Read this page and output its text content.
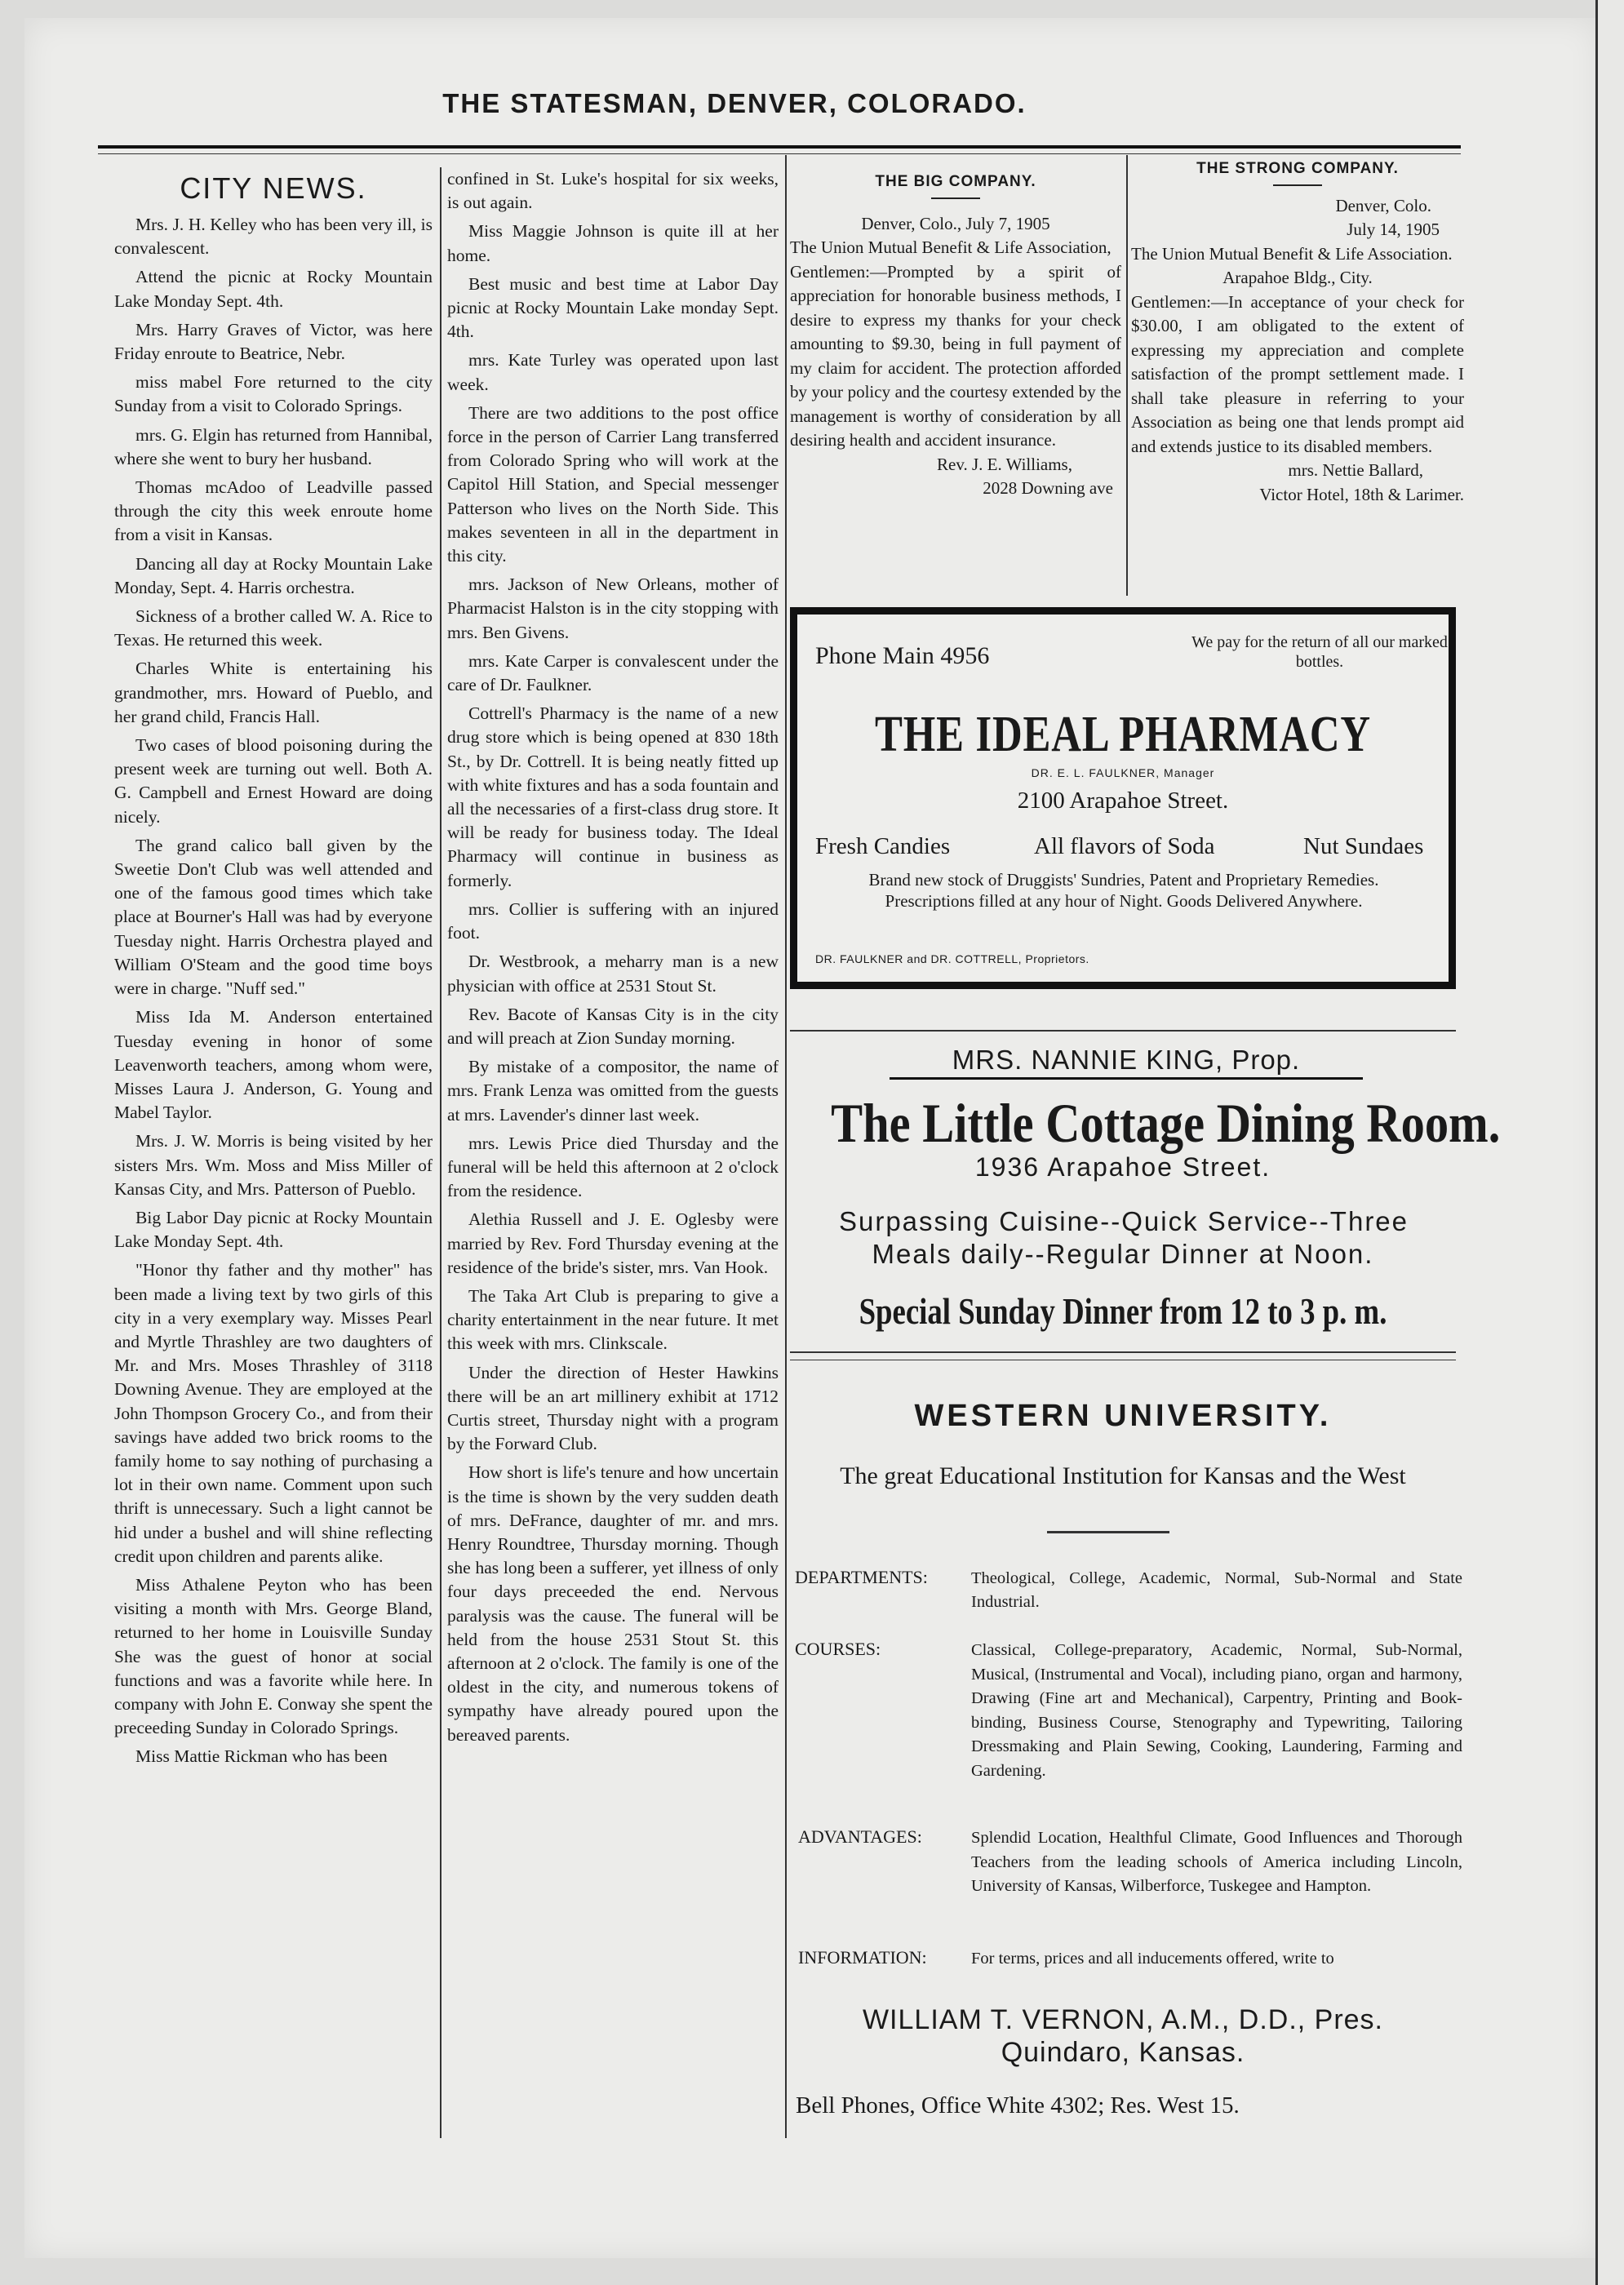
THE STATESMAN, DENVER, COLORADO.
CITY NEWS.

Mrs. J. H. Kelley who has been very ill, is convalescent.

Attend the picnic at Rocky Mountain Lake Monday Sept. 4th.

Mrs. Harry Graves of Victor, was here Friday enroute to Beatrice, Nebr.

miss mabel Fore returned to the city Sunday from a visit to Colorado Springs.

mrs. G. Elgin has returned from Hannibal, where she went to bury her husband.

Thomas mcAdoo of Leadville passed through the city this week enroute home from a visit in Kansas.

Dancing all day at Rocky Mountain Lake Monday, Sept. 4. Harris orchestra.

Sickness of a brother called W. A. Rice to Texas. He returned this week.

Charles White is entertaining his grandmother, mrs. Howard of Pueblo, and her grand child, Francis Hall.

Two cases of blood poisoning during the present week are turning out well. Both A. G. Campbell and Ernest Howard are doing nicely.

The grand calico ball given by the Sweetie Don't Club was well attended and one of the famous good times which take place at Bourner's Hall was had by everyone Tuesday night. Harris Orchestra played and William O'Steam and the good time boys were in charge. "Nuff sed."

Miss Ida M. Anderson entertained Tuesday evening in honor of some Leavenworth teachers, among whom were, Misses Laura J. Anderson, G. Young and Mabel Taylor.

Mrs. J. W. Morris is being visited by her sisters Mrs. Wm. Moss and Miss Miller of Kansas City, and Mrs. Patterson of Pueblo.

Big Labor Day picnic at Rocky Mountain Lake Monday Sept. 4th.

"Honor thy father and thy mother" has been made a living text by two girls of this city in a very exemplary way. Misses Pearl and Myrtle Thrashley are two daughters of Mr. and Mrs. Moses Thrashley of 3118 Downing Avenue. They are employed at the John Thompson Grocery Co., and from their savings have added two brick rooms to the family home to say nothing of purchasing a lot in their own name. Comment upon such thrift is unnecessary. Such a light cannot be hid under a bushel and will shine reflecting credit upon children and parents alike.

Miss Athalene Peyton who has been visiting a month with Mrs. George Bland, returned to her home in Louisville Sunday She was the guest of honor at social functions and was a favorite while here. In company with John E. Conway she spent the preceeding Sunday in Colorado Springs.

Miss Mattie Rickman who has been

confined in St. Luke's hospital for six weeks, is out again.

Miss Maggie Johnson is quite ill at her home.

Best music and best time at Labor Day picnic at Rocky Mountain Lake monday Sept. 4th.

mrs. Kate Turley was operated upon last week.

There are two additions to the post office force in the person of Carrier Lang transferred from Colorado Spring who will work at the Capitol Hill Station, and Special messenger Patterson who lives on the North Side. This makes seventeen in all in the department in this city.

mrs. Jackson of New Orleans, mother of Pharmacist Halston is in the city stopping with mrs. Ben Givens.

mrs. Kate Carper is convalescent under the care of Dr. Faulkner.

Cottrell's Pharmacy is the name of a new drug store which is being opened at 830 18th St., by Dr. Cottrell. It is being neatly fitted up with white fixtures and has a soda fountain and all the necessaries of a first-class drug store. It will be ready for business today. The Ideal Pharmacy will continue in business as formerly.

mrs. Collier is suffering with an injured foot.

Dr. Westbrook, a meharry man is a new physician with office at 2531 Stout St.

Rev. Bacote of Kansas City is in the city and will preach at Zion Sunday morning.

By mistake of a compositor, the name of mrs. Frank Lenza was omitted from the guests at mrs. Lavender's dinner last week.

mrs. Lewis Price died Thursday and the funeral will be held this afternoon at 2 o'clock from the residence.

Alethia Russell and J. E. Oglesby were married by Rev. Ford Thursday evening at the residence of the bride's sister, mrs. Van Hook.

The Taka Art Club is preparing to give a charity entertainment in the near future. It met this week with mrs. Clinkscale.

Under the direction of Hester Hawkins there will be an art millinery exhibit at 1712 Curtis street, Thursday night with a program by the Forward Club.

How short is life's tenure and how uncertain is the time is shown by the very sudden death of mrs. DeFrance, daughter of mr. and mrs. Henry Roundtree, Thursday morning. Though she has long been a sufferer, yet illness of only four days preceeded the end. Nervous paralysis was the cause. The funeral will be held from the house 2531 Stout St. this afternoon at 2 o'clock. The family is one of the oldest in the city, and numerous tokens of sympathy have already poured upon the bereaved parents.

THE BIG COMPANY.

Denver, Colo., July 7, 1905

The Union Mutual Benefit & Life Association,

Gentlemen:—Prompted by a spirit of appreciation for honorable business methods, I desire to express my thanks for your check amounting to $9.30, being in full payment of my claim for accident. The protection afforded by your policy and the courtesy extended by the management is worthy of consideration by all desiring health and accident insurance.

Rev. J. E. Williams,

2028 Downing ave

THE STRONG COMPANY.

Denver, Colo.

July 14, 1905

The Union Mutual Benefit & Life Association.

Arapahoe Bldg., City.

Gentlemen:—In acceptance of your check for $30.00, I am obligated to the extent of expressing my appreciation and complete satisfaction of the prompt settlement made. I shall take pleasure in referring to your Association as being one that lends prompt aid and extends justice to its disabled members.

mrs. Nettie Ballard,

Victor Hotel, 18th & Larimer.

Phone Main 4956	We pay for the return of all our marked bottles.
THE IDEAL PHARMACY
DR. E. L. FAULKNER, Manager
2100 Arapahoe Street.
Fresh Candies	All flavors of Soda	Nut Sundaes
Brand new stock of Druggists' Sundries, Patent and Proprietary Remedies. Prescriptions filled at any hour of Night. Goods Delivered Anywhere.
DR. FAULKNER and DR. COTTRELL, Proprietors.
MRS. NANNIE KING, Prop.
The Little Cottage Dining Room.
1936 Arapahoe Street.
Surpassing Cuisine--Quick Service--Three
Meals daily--Regular Dinner at Noon.
Special Sunday Dinner from 12 to 3 p. m.
WESTERN UNIVERSITY.
The great Educational Institution for Kansas and the West
DEPARTMENTS:	Theological, College, Academic, Normal, Sub-Normal and State Industrial.
COURSES:	Classical, College-preparatory, Academic, Normal, Sub-Normal, Musical, (Instrumental and Vocal), including piano, organ and harmony, Drawing (Fine art and Mechanical), Carpentry, Printing and Book-binding, Business Course, Stenography and Typewriting, Tailoring Dressmaking and Plain Sewing, Cooking, Laundering, Farming and Gardening.
ADVANTAGES:	Splendid Location, Healthful Climate, Good Influences and Thorough Teachers from the leading schools of America including Lincoln, University of Kansas, Wilberforce, Tuskegee and Hampton.
INFORMATION:	For terms, prices and all inducements offered, write to
WILLIAM T. VERNON, A.M., D.D., Pres.
Quindaro, Kansas.
Bell Phones, Office White 4302; Res. West 15.
